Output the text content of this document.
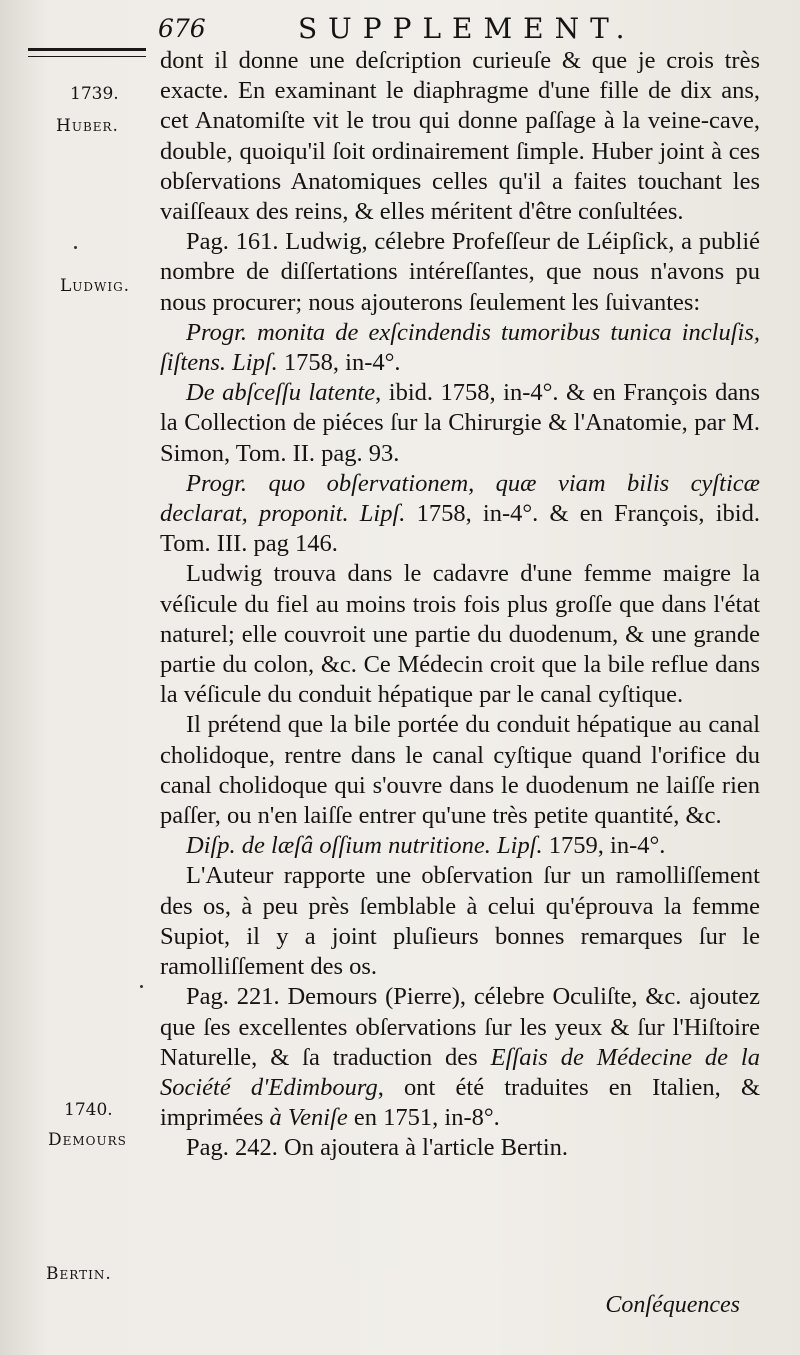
676	SUPPLEMENT.
1739.
Huber.
Ludwig.
1740.
Demours
Bertin.

dont il donne une deſcription curieuſe & que je crois très exacte. En examinant le diaphragme d'une fille de dix ans, cet Anatomiſte vit le trou qui donne paſſage à la veine-cave, double, quoiqu'il ſoit ordinairement ſimple. Huber joint à ces obſervations Anatomiques celles qu'il a faites touchant les vaiſſeaux des reins, & elles méritent d'être conſultées.

Pag. 161. Ludwig, célebre Profeſſeur de Léipſick, a publié nombre de diſſertations intéreſſantes, que nous n'avons pu nous procurer; nous ajouterons ſeulement les ſuivantes:

Progr. monita de exſcindendis tumoribus tunica incluſis, ſiſtens. Lipſ. 1758, in-4°.

De abſceſſu latente, ibid. 1758, in-4°. & en François dans la Collection de piéces ſur la Chirurgie & l'Anatomie, par M. Simon, Tom. II. pag. 93.

Progr. quo obſervationem, quæ viam bilis cyſticæ declarat, proponit. Lipſ. 1758, in-4°. & en François, ibid. Tom. III. pag 146.

Ludwig trouva dans le cadavre d'une femme maigre la véſicule du fiel au moins trois fois plus groſſe que dans l'état naturel; elle couvroit une partie du duodenum, & une grande partie du colon, &c. Ce Médecin croit que la bile reflue dans la véſicule du conduit hépatique par le canal cyſtique.

Il prétend que la bile portée du conduit hépatique au canal cholidoque, rentre dans le canal cyſtique quand l'orifice du canal cholidoque qui s'ouvre dans le duodenum ne laiſſe rien paſſer, ou n'en laiſſe entrer qu'une très petite quantité, &c.

Diſp. de læſâ oſſium nutritione. Lipſ. 1759, in-4°.

L'Auteur rapporte une obſervation ſur un ramolliſſement des os, à peu près ſemblable à celui qu'éprouva la femme Supiot, il y a joint pluſieurs bonnes remarques ſur le ramolliſſement des os.

Pag. 221. Demours (Pierre), célebre Oculiſte, &c. ajoutez que ſes excellentes obſervations ſur les yeux & ſur l'Hiſtoire Naturelle, & ſa traduction des Eſſais de Médecine de la Société d'Edimbourg, ont été traduites en Italien, & imprimées à Veniſe en 1751, in-8°.

Pag. 242. On ajoutera à l'article Bertin.

Conſéquences
